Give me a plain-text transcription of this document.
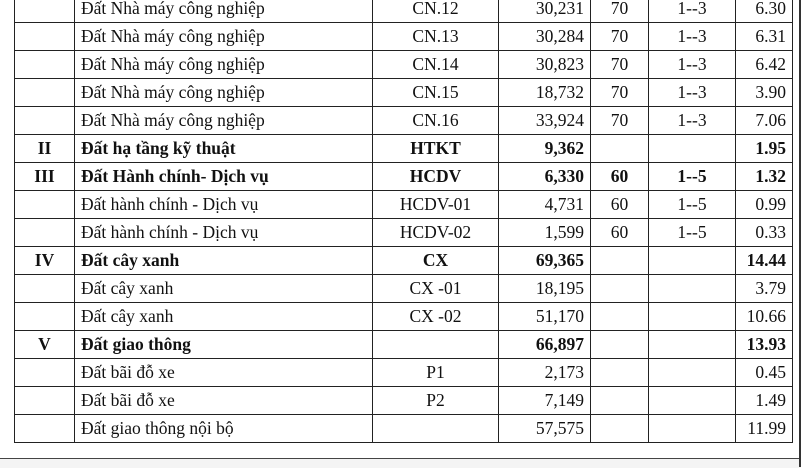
	Đất Nhà máy công nghiệp	CN.12	30,231	70	1--3	6.30
	Đất Nhà máy công nghiệp	CN.13	30,284	70	1--3	6.31
	Đất Nhà máy công nghiệp	CN.14	30,823	70	1--3	6.42
	Đất Nhà máy công nghiệp	CN.15	18,732	70	1--3	3.90
	Đất Nhà máy công nghiệp	CN.16	33,924	70	1--3	7.06
II	Đất hạ tầng kỹ thuật	HTKT	9,362			1.95
III	Đất Hành chính- Dịch vụ	HCDV	6,330	60	1--5	1.32
	Đất hành chính - Dịch vụ	HCDV-01	4,731	60	1--5	0.99
	Đất hành chính - Dịch vụ	HCDV-02	1,599	60	1--5	0.33
IV	Đất cây xanh	CX	69,365			14.44
	Đất cây xanh	CX -01	18,195			3.79
	Đất cây xanh	CX -02	51,170			10.66
V	Đất giao thông		66,897			13.93
	Đất bãi đỗ xe	P1	2,173			0.45
	Đất bãi đỗ xe	P2	7,149			1.49
	Đất giao thông nội bộ		57,575			11.99
